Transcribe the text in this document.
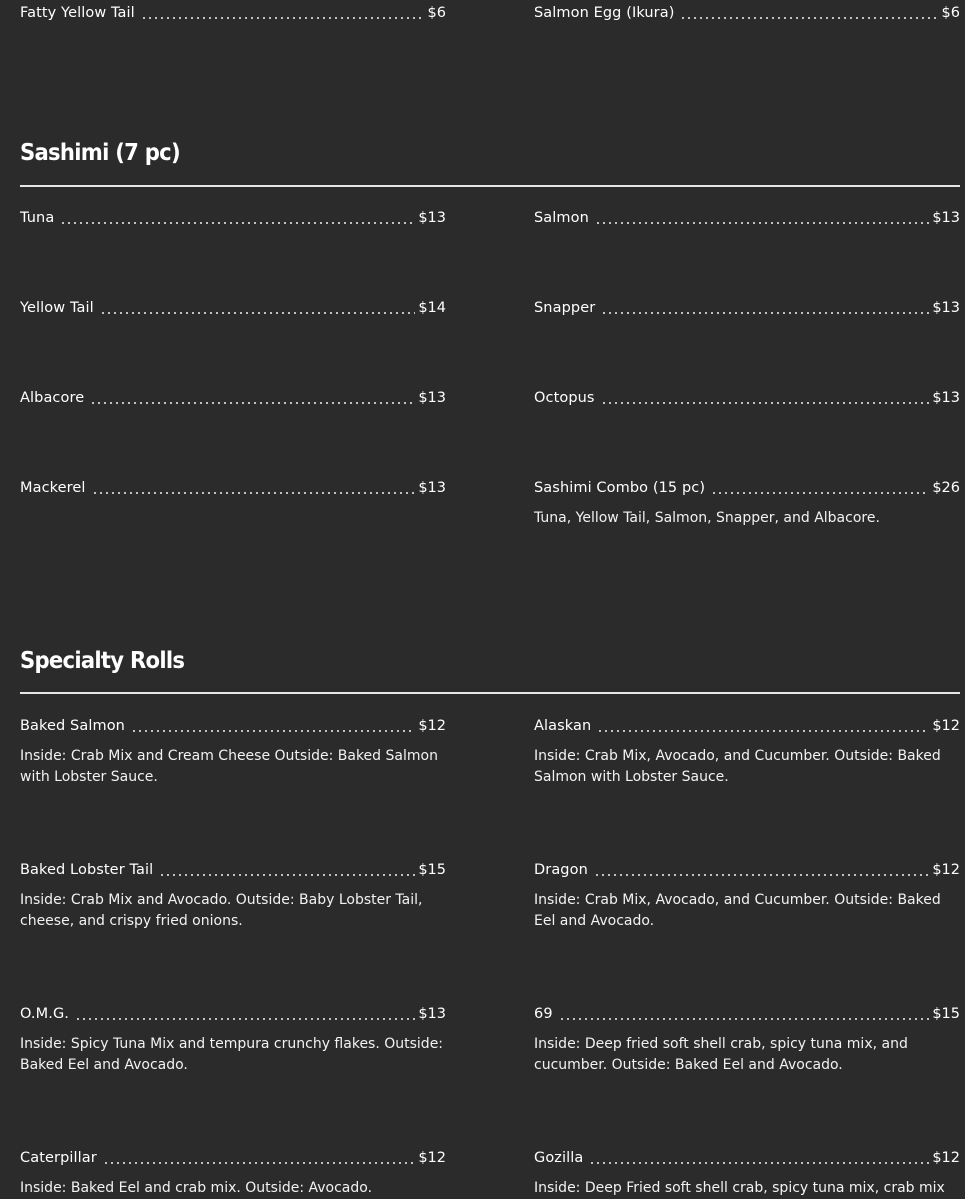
Fatty Yellow Tail	$6	Salmon Egg (Ikura)	$6
Sashimi (7 pc)
Tuna	$13	Salmon	$13
Yellow Tail	$14	Snapper	$13
Albacore	$13	Octopus	$13
Mackerel	$13	Sashimi Combo (15 pc)	$26
Tuna, Yellow Tail, Salmon, Snapper, and Albacore.
Specialty Rolls
Baked Salmon	$12
Inside: Crab Mix and Cream Cheese Outside: Baked Salmon with Lobster Sauce.
Alaskan	$12
Inside: Crab Mix, Avocado, and Cucumber. Outside: Baked Salmon with Lobster Sauce.
Baked Lobster Tail	$15
Inside: Crab Mix and Avocado. Outside: Baby Lobster Tail, cheese, and crispy fried onions.
Dragon	$12
Inside: Crab Mix, Avocado, and Cucumber. Outside: Baked Eel and Avocado.
O.M.G.	$13
Inside: Spicy Tuna Mix and tempura crunchy flakes. Outside: Baked Eel and Avocado.
69	$15
Inside: Deep fried soft shell crab, spicy tuna mix, and cucumber. Outside: Baked Eel and Avocado.
Caterpillar	$12
Inside: Baked Eel and crab mix. Outside: Avocado.
Gozilla	$12
Inside: Deep Fried soft shell crab, spicy tuna mix, crab mix
